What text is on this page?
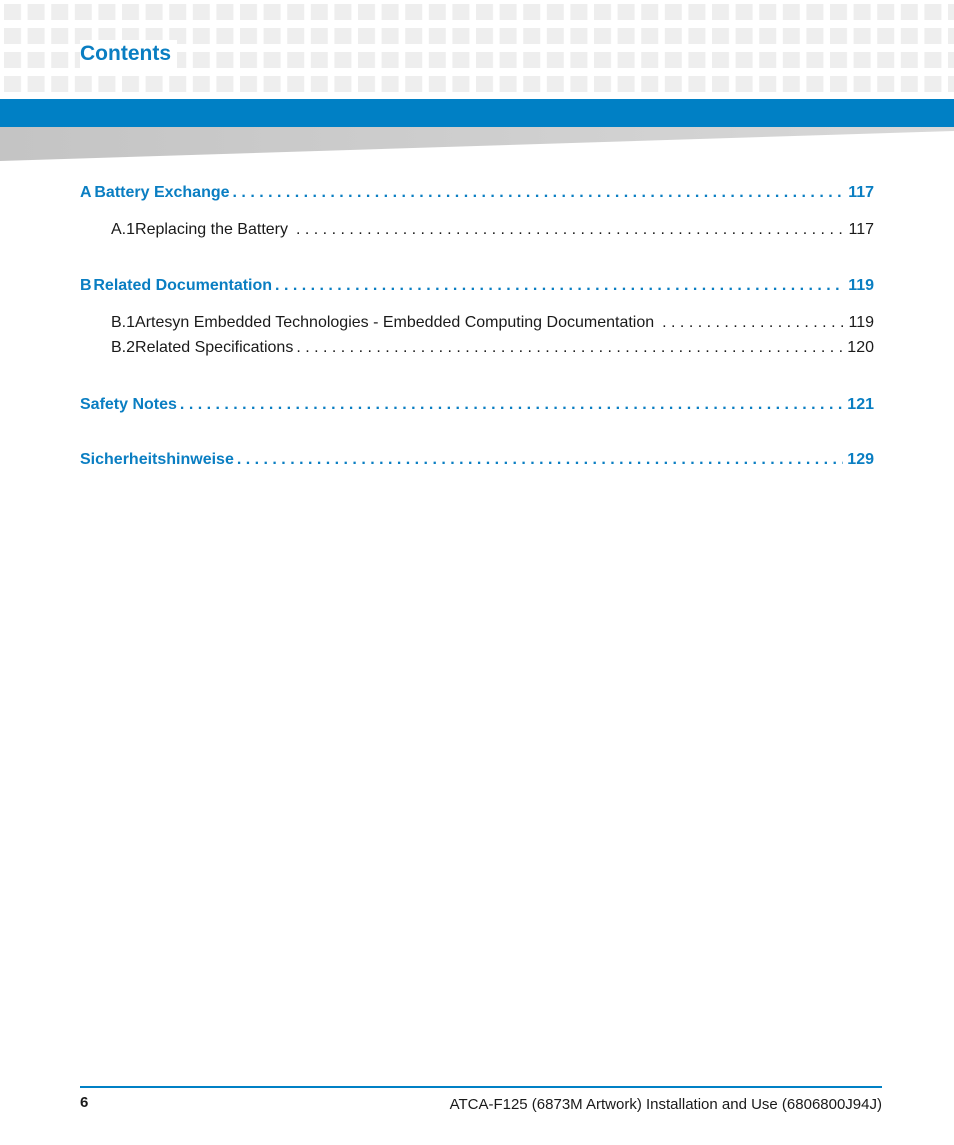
Contents
A Battery Exchange . . .	117
A.1 Replacing the Battery . . .	117
B Related Documentation . . .	119
B.1 Artesyn Embedded Technologies - Embedded Computing Documentation . . .	119
B.2 Related Specifications . . .	120
Safety Notes . . .	121
Sicherheitshinweise . . .	129
6	ATCA-F125 (6873M Artwork) Installation and Use (6806800J94J)
